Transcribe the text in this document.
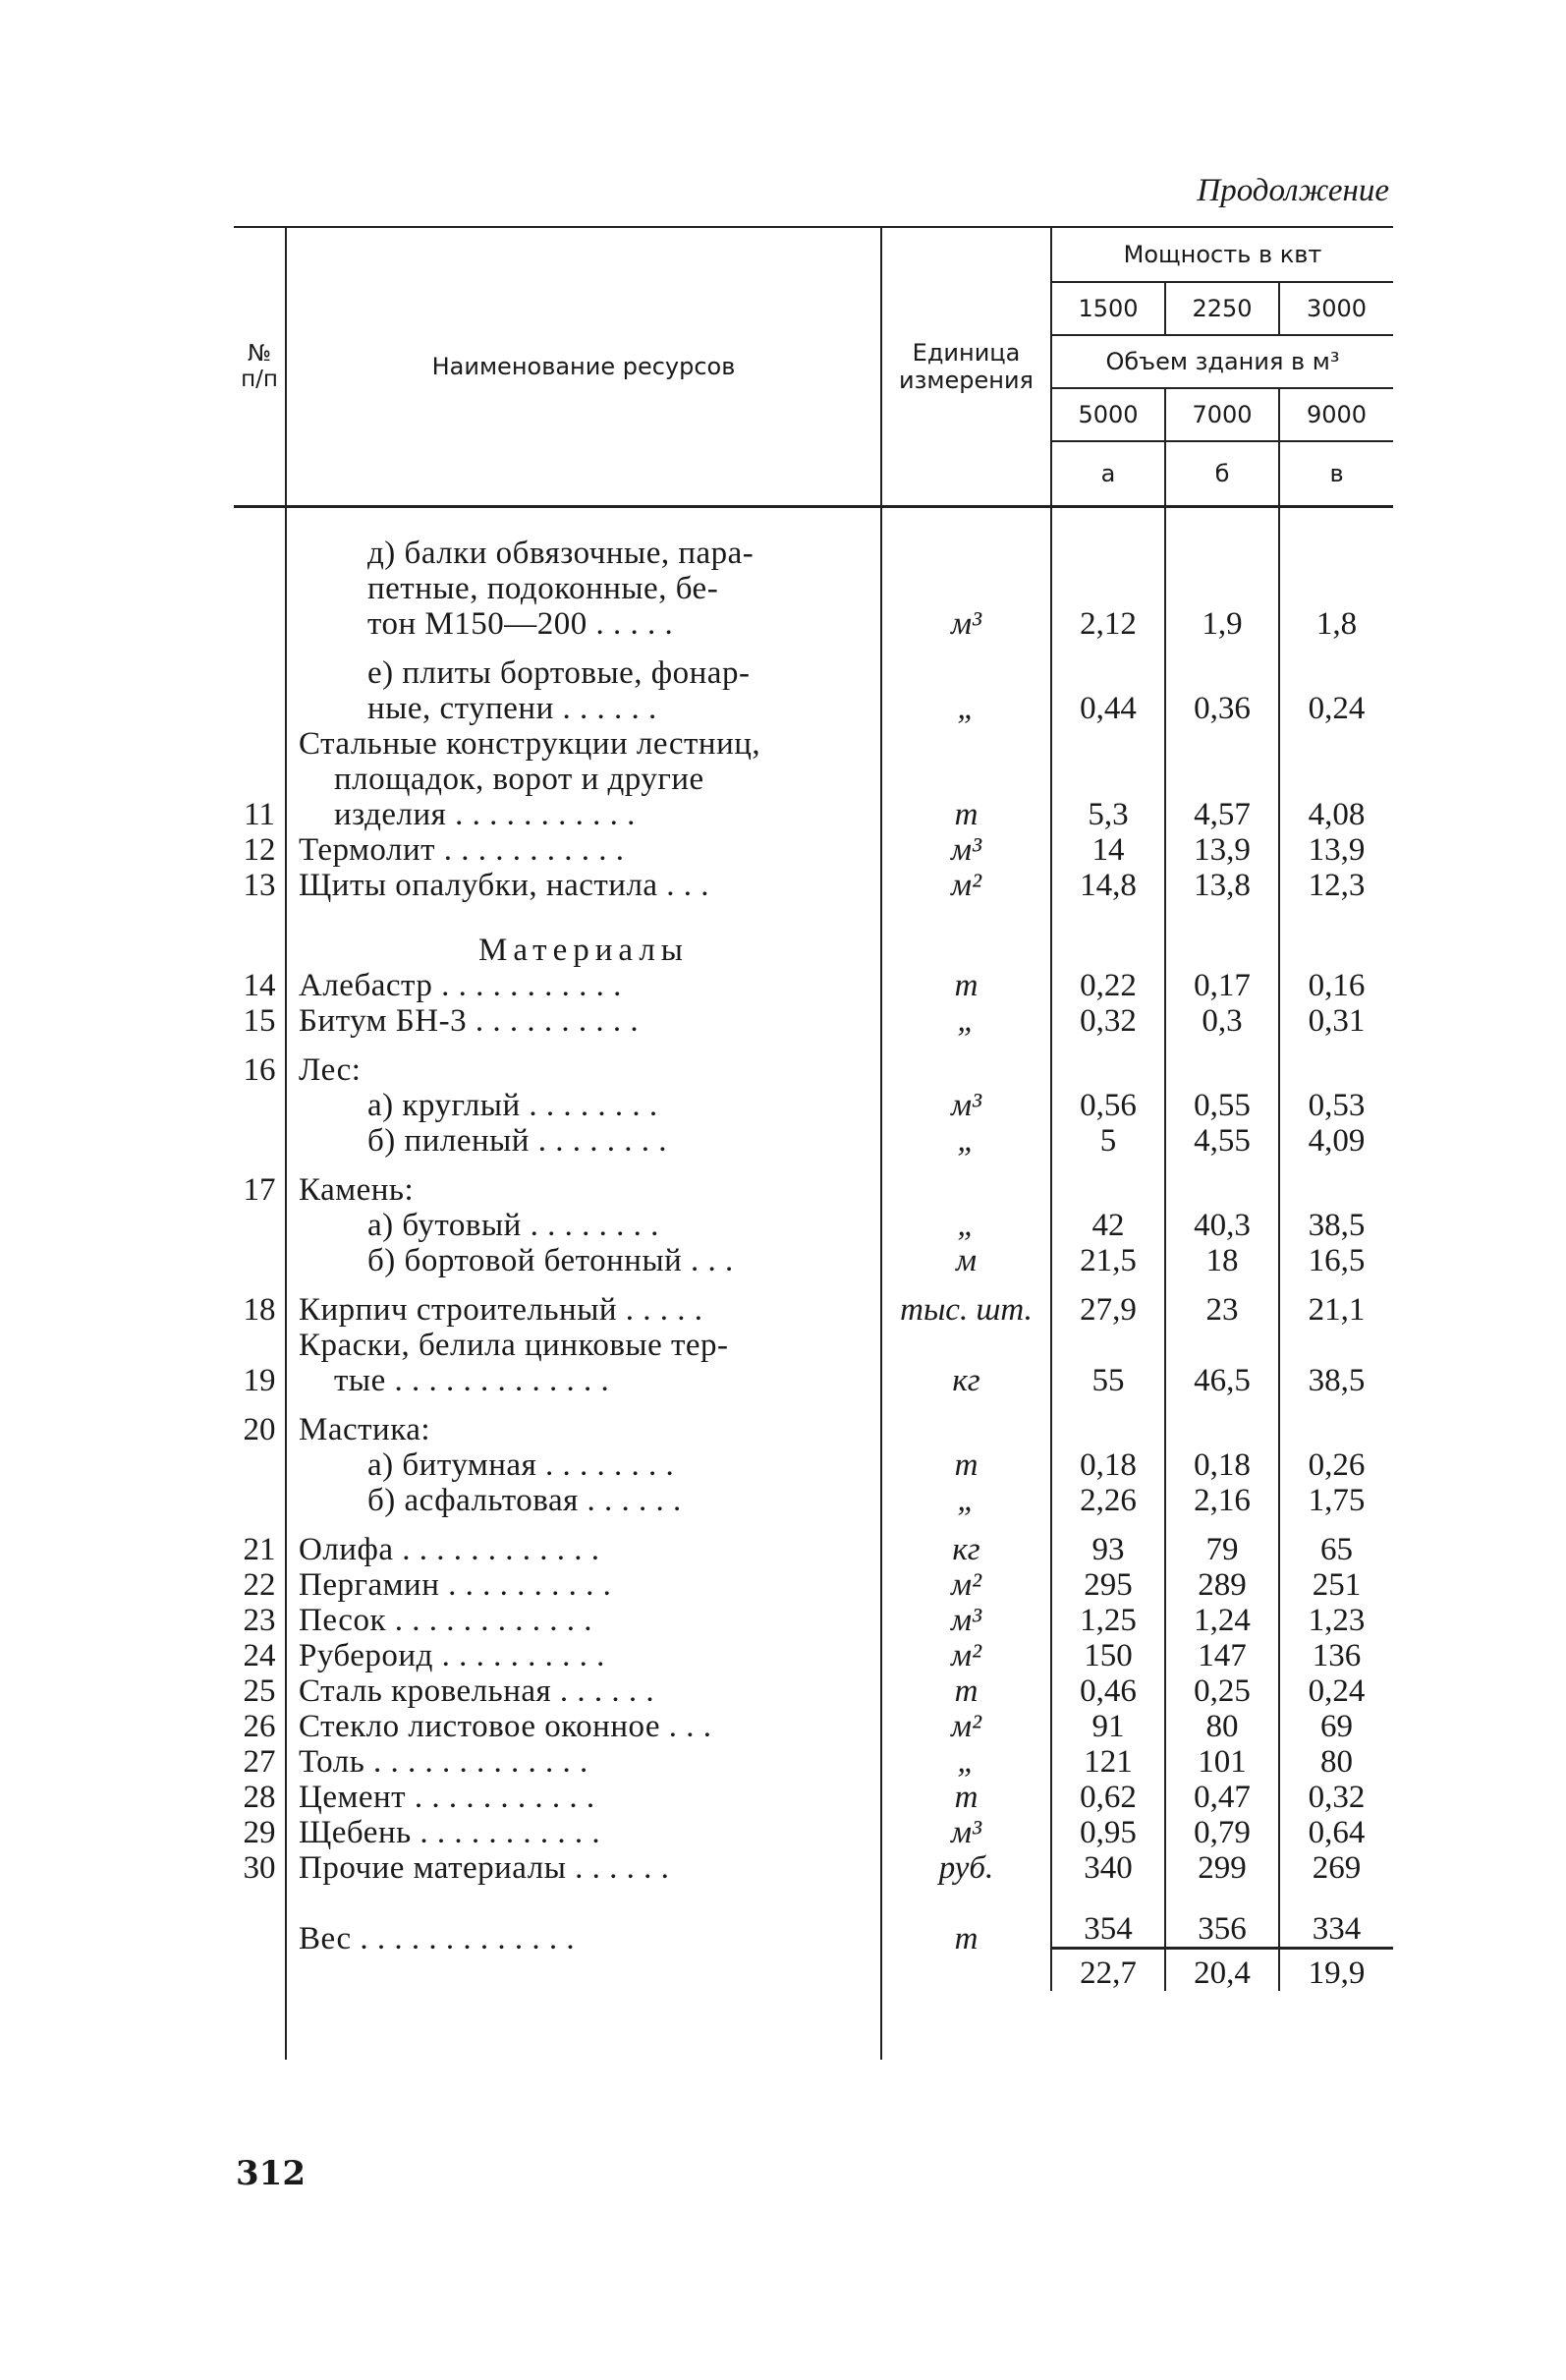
Продолжение
№ п/п	Наименование ресурсов	Единица измерения	Мощность в квт		
			1500	2250	3000
			Объем здания в м³		
			5000	7000	9000
			а	б	в

	д) балки обвязочные, пара-
петные, подоконные, бе-
тон М150—200 . . . . .	м³	2,12	1,9	1,8

	е) плиты бортовые, фонар-
ные, ступени . . . . . .	„	0,44	0,36	0,24
11	Стальные конструкции лестниц,
площадок, ворот и другие
изделия . . . . . . . . . . .	т	5,3	4,57	4,08
12	Термолит . . . . . . . . . . .	м³	14	13,9	13,9
13	Щиты опалубки, настила . . .	м²	14,8	13,8	12,3
	Материалы				
14	Алебастр . . . . . . . . . . .	т	0,22	0,17	0,16
15	Битум БН-3 . . . . . . . . . .	„	0,32	0,3	0,31
16	Лес:				

	а) круглый . . . . . . . .	м³	0,56	0,55	0,53

	б) пиленый . . . . . . . .	„	5	4,55	4,09
17	Камень:				

	а) бутовый . . . . . . . .	„	42	40,3	38,5

	б) бортовой бетонный . . .	м	21,5	18	16,5
18	Кирпич строительный . . . . .	тыс. шт.	27,9	23	21,1
19	Краски, белила цинковые тер-
тые . . . . . . . . . . . . .	кг	55	46,5	38,5
20	Мастика:				

	а) битумная . . . . . . . .	т	0,18	0,18	0,26

	б) асфальтовая . . . . . .	„	2,26	2,16	1,75
21	Олифа . . . . . . . . . . . .	кг	93	79	65
22	Пергамин . . . . . . . . . .	м²	295	289	251
23	Песок . . . . . . . . . . . .	м³	1,25	1,24	1,23
24	Рубероид . . . . . . . . . .	м²	150	147	136
25	Сталь кровельная . . . . . .	т	0,46	0,25	0,24
26	Стекло листовое оконное . . .	м²	91	80	69
27	Толь . . . . . . . . . . . . .	„	121	101	80
28	Цемент . . . . . . . . . . .	т	0,62	0,47	0,32
29	Щебень . . . . . . . . . . .	м³	0,95	0,79	0,64
30	Прочие материалы . . . . . .	руб.	340	299	269
	Вес . . . . . . . . . . . . .	т	354	356	334
			22,7	20,4	19,9

312
